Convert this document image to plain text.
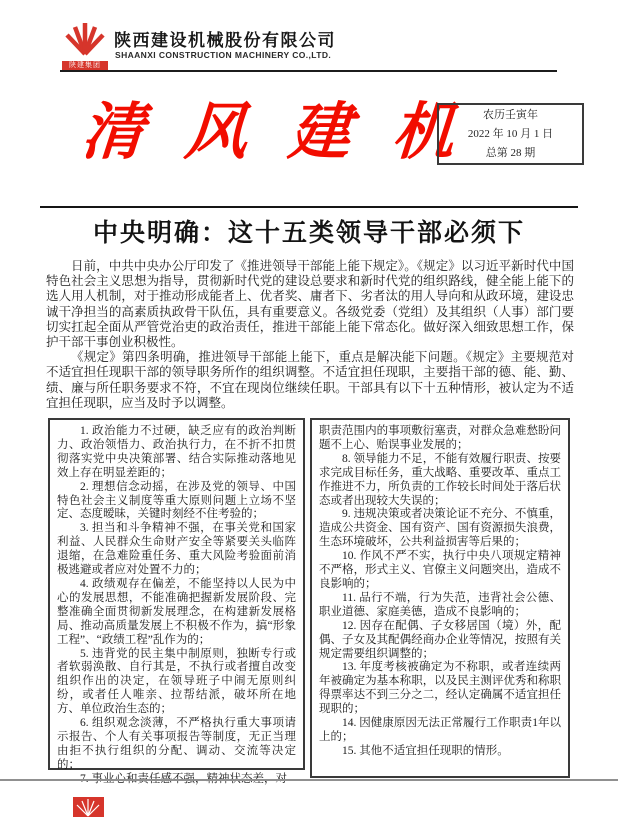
陕建集团
陕西建设机械股份有限公司
SHAANXI CONSTRUCTION MACHINERY CO.,LTD.
清 风 建 机	农历壬寅年
2022 年 10 月 1 日
总第 28 期
中央明确：这十五类领导干部必须下

日前，中共中央办公厅印发了《推进领导干部能上能下规定》。《规定》以习近平新时代中国特色社会主义思想为指导，贯彻新时代党的建设总要求和新时代党的组织路线，健全能上能下的选人用人机制，对于推动形成能者上、优者奖、庸者下、劣者汰的用人导向和从政环境，建设忠诚干净担当的高素质执政骨干队伍，具有重要意义。各级党委（党组）及其组织（人事）部门要切实扛起全面从严管党治吏的政治责任，推进干部能上能下常态化。做好深入细致思想工作，保护干部干事创业积极性。

《规定》第四条明确，推进领导干部能上能下，重点是解决能下问题。《规定》主要规范对不适宜担任现职干部的领导职务所作的组织调整。不适宜担任现职，主要指干部的德、能、勤、绩、廉与所任职务要求不符，不宜在现岗位继续任职。干部具有以下十五种情形，被认定为不适宜担任现职，应当及时予以调整。

1. 政治能力不过硬，缺乏应有的政治判断力、政治领悟力、政治执行力，在不折不扣贯彻落实党中央决策部署、结合实际推动落地见效上存在明显差距的；

2. 理想信念动摇，在涉及党的领导、中国特色社会主义制度等重大原则问题上立场不坚定、态度暧昧，关键时刻经不住考验的；

3. 担当和斗争精神不强，在事关党和国家利益、人民群众生命财产安全等紧要关头临阵退缩，在急难险重任务、重大风险考验面前消极逃避或者应对处置不力的；

4. 政绩观存在偏差，不能坚持以人民为中心的发展思想，不能准确把握新发展阶段、完整准确全面贯彻新发展理念，在构建新发展格局、推动高质量发展上不积极不作为，搞“形象工程”、“政绩工程”乱作为的；

5. 违背党的民主集中制原则，独断专行或者软弱涣散、自行其是，不执行或者擅自改变组织作出的决定，在领导班子中闹无原则纠纷，或者任人唯亲、拉帮结派，破坏所在地方、单位政治生态的；

6. 组织观念淡薄，不严格执行重大事项请示报告、个人有关事项报告等制度，无正当理由拒不执行组织的分配、调动、交流等决定的；

职责范围内的事项敷衍塞责，对群众急难愁盼问题不上心、贻误事业发展的；

8. 领导能力不足，不能有效履行职责、按要求完成目标任务，重大战略、重要改革、重点工作推进不力，所负责的工作较长时间处于落后状态或者出现较大失误的；

9. 违规决策或者决策论证不充分、不慎重，造成公共资金、国有资产、国有资源损失浪费，生态环境破坏，公共利益损害等后果的；

10. 作风不严不实，执行中央八项规定精神不严格，形式主义、官僚主义问题突出，造成不良影响的；

11. 品行不端，行为失范，违背社会公德、职业道德、家庭美德，造成不良影响的；

12. 因存在配偶、子女移居国（境）外，配偶、子女及其配偶经商办企业等情况，按照有关规定需要组织调整的；

13. 年度考核被确定为不称职，或者连续两年被确定为基本称职，以及民主测评优秀和称职得票率达不到三分之二，经认定确属不适宜担任现职的；

14. 因健康原因无法正常履行工作职责1年以上的；

15. 其他不适宜担任现职的情形。
